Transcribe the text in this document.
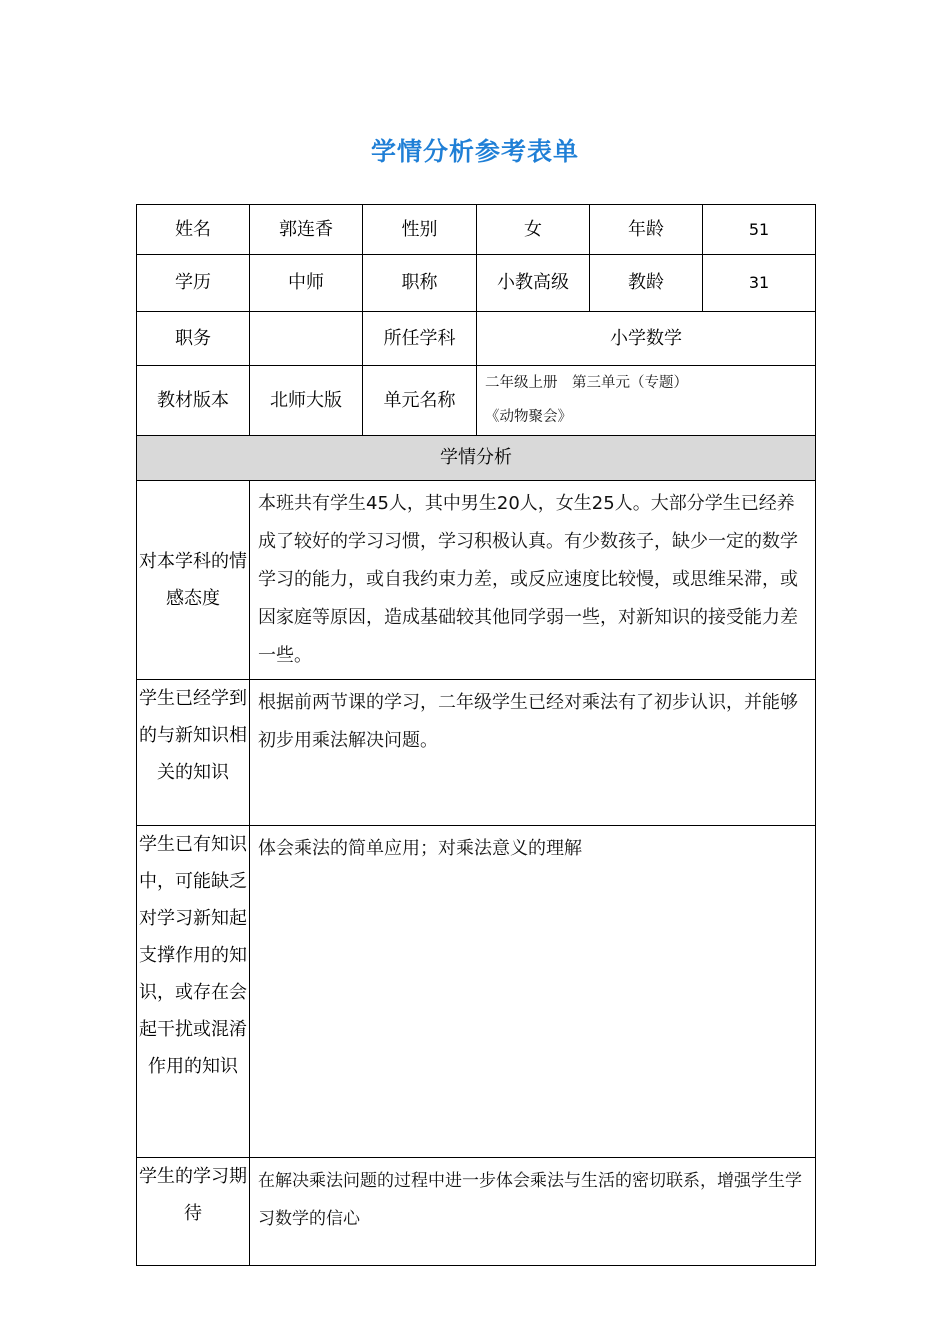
学情分析参考表单
姓名	郭连香	性别	女	年龄	51
学历	中师	职称	小教高级	教龄	31
职务		所任学科	小学数学		
教材版本	北师大版	单元名称	二年级上册　第三单元（专题）
《动物聚会》		

学情分析					
对本学科的情感态度	本班共有学生45人，其中男生20人，女生25人。大部分学生已经养成了较好的学习习惯，学习积极认真。有少数孩子，缺少一定的数学学习的能力，或自我约束力差，或反应速度比较慢，或思维呆滞，或因家庭等原因，造成基础较其他同学弱一些，对新知识的接受能力差一些。				
学生已经学到的与新知识相关的知识	根据前两节课的学习，二年级学生已经对乘法有了初步认识，并能够初步用乘法解决问题。				
学生已有知识中，可能缺乏对学习新知起支撑作用的知识，或存在会起干扰或混淆作用的知识	体会乘法的简单应用；对乘法意义的理解				
学生的学习期待	在解决乘法问题的过程中进一步体会乘法与生活的密切联系，增强学生学习数学的信心				
